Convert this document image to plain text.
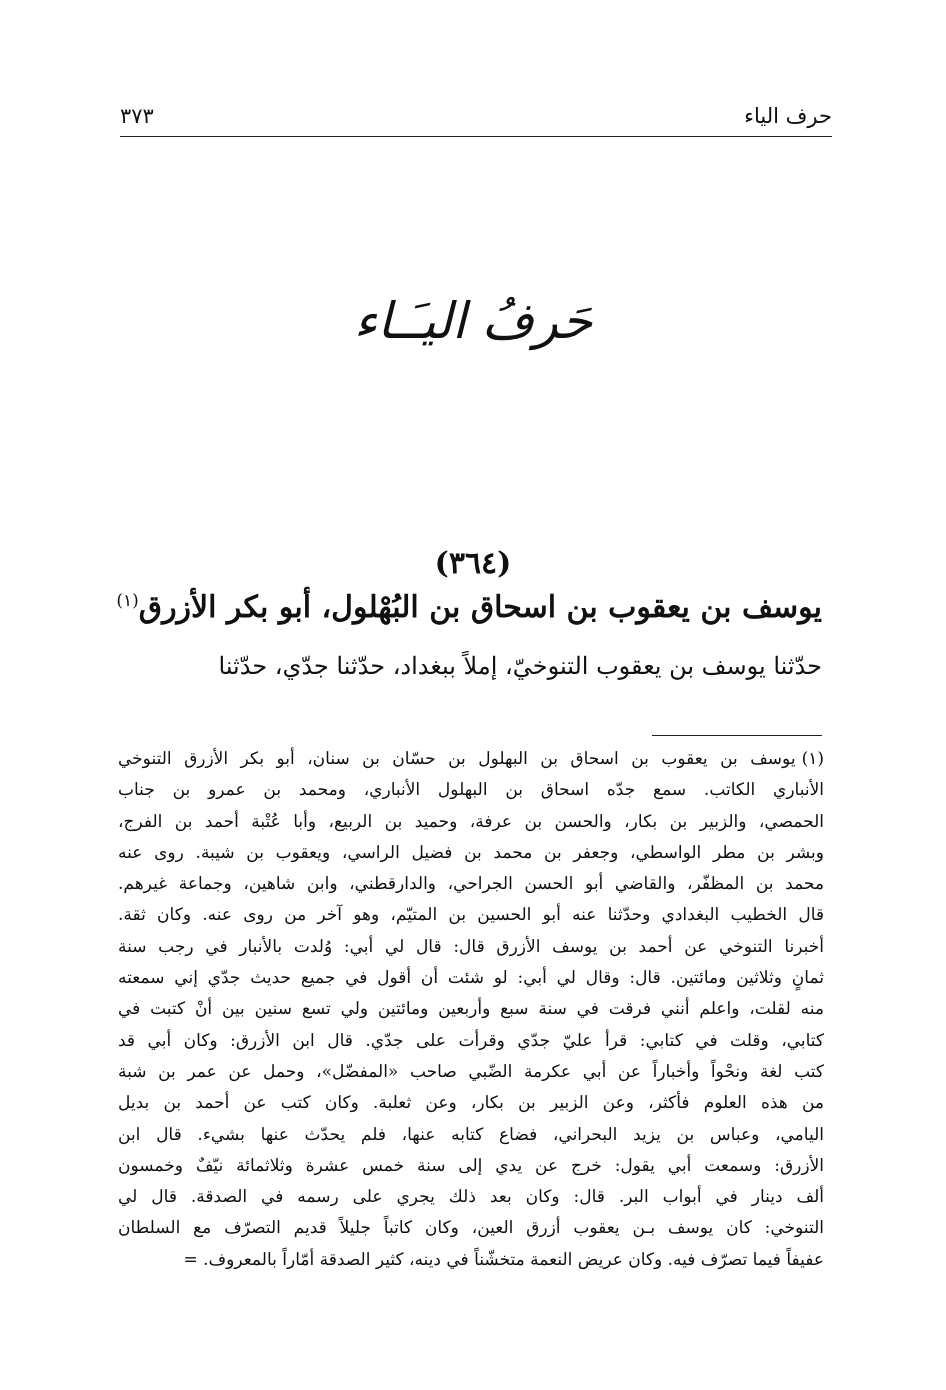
حرف الياء
٣٧٣
حَرفُ اليـَـاء
(٣٦٤)
يوسف بن يعقوب بن اسحاق بن البُهْلول، أبو بكر الأزرق$^{(١)}$
حدّثنا يوسف بن يعقوب التنوخيّ، إملاً ببغداد، حدّثنا جدّي، حدّثنا
(١)يوسف بن يعقوب بن اسحاق بن البهلول بن حسّان بن سنان، أبو بكر الأزرق التنوخي
الأنباري الكاتب. سمع جدّه اسحاق بن البهلول الأنباري، ومحمد بن عمرو بن جناب
الحمصي، والزبير بن بكار، والحسن بن عرفة، وحميد بن الربيع، وأبا عُتْبة أحمد بن الفرج،
وبشر بن مطر الواسطي، وجعفر بن محمد بن فضيل الراسي، ويعقوب بن شيبة. روى عنه
محمد بن المظفّر، والقاضي أبو الحسن الجراحي، والدارقطني، وابن شاهين، وجماعة غيرهم.
قال الخطيب البغدادي وحدّثنا عنه أبو الحسين بن المتيّم، وهو آخر من روى عنه. وكان ثقة.
أخبرنا التنوخي عن أحمد بن يوسف الأزرق قال: قال لي أبي: وُلدت بالأنبار في رجب سنة
ثمانٍ وثلاثين ومائتين. قال: وقال لي أبي: لو شئت أن أقول في جميع حديث جدّي إني سمعته
منه لقلت، واعلم أنني فرقت في سنة سبع وأربعين ومائتين ولي تسع سنين بين أنْ كتبت في
كتابي، وقلت في كتابي: قرأ عليّ جدّي وقرأت على جدّي. قال ابن الأزرق: وكان أبي قد
كتب لغة ونحْواً وأخباراً عن أبي عكرمة الضّبي صاحب «المفضّل»، وحمل عن عمر بن شبة
من هذه العلوم فأكثر، وعن الزبير بن بكار، وعن ثعلبة. وكان كتب عن أحمد بن بديل
اليامي، وعباس بن يزيد البحراني، فضاع كتابه عنها، فلم يحدّث عنها بشيء. قال ابن
الأزرق: وسمعت أبي يقول: خرج عن يدي إلى سنة خمس عشرة وثلاثمائة نيّفٌ وخمسون
ألف دينار في أبواب البر. قال: وكان بعد ذلك يجري على رسمه في الصدقة. قال لي
التنوخي: كان يوسف بـن يعقوب أزرق العين، وكان كاتباً جليلاً قديم التصرّف مع السلطان
عفيفاً فيما تصرّف فيه. وكان عريض النعمة متخشّناً في دينه، كثير الصدقة أمّاراً بالمعروف. =
